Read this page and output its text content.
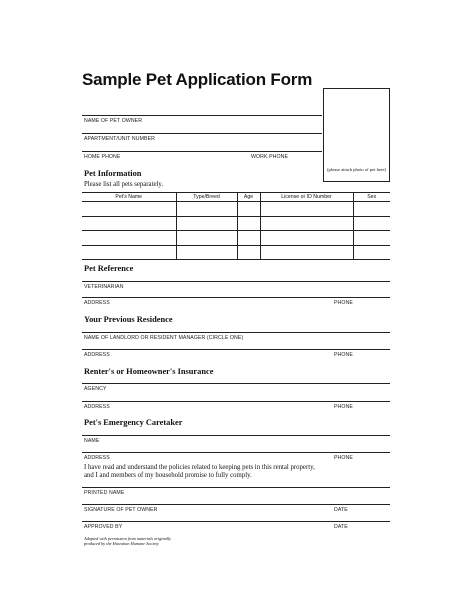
Sample Pet Application Form
(please attach photo of pet here)
NAME OF PET OWNER
APARTMENT/UNIT NUMBER
HOME PHONE	WORK PHONE
Pet Information
Please list all pets separately.
Pet's Name	Type/Breed	Age	License or ID Number	Sex

Pet Reference
VETERINARIAN
ADDRESS	PHONE
Your Previous Residence
NAME OF LANDLORD OR RESIDENT MANAGER (CIRCLE ONE)
ADDRESS	PHONE
Renter's or Homeowner's Insurance
AGENCY
ADDRESS	PHONE
Pet's Emergency Caretaker
NAME
ADDRESS	PHONE
I have read and understand the policies related to keeping pets in this rental property,
and I and members of my household promise to fully comply.
PRINTED NAME
SIGNATURE OF PET OWNER	DATE
APPROVED BY	DATE
Adapted with permission from materials originally
produced by the Hawaiian Humane Society
